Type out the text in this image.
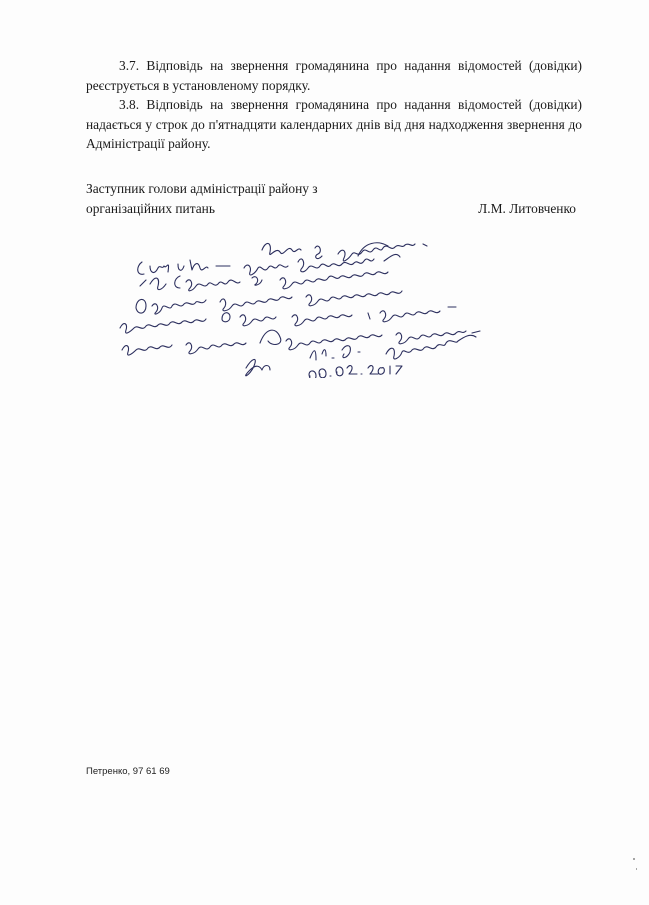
3.7. Відповідь на звернення громадянина про надання відомостей (довідки) реєструється в установленому порядку.

3.8. Відповідь на звернення громадянина про надання відомостей (довідки) надається у строк до п'ятнадцяти календарних днів від дня надходження звернення до Адміністрації району.

Заступник голови адміністрації району з
організаційних питань	Л.М. Литовченко
Петренко, 97 61 69
